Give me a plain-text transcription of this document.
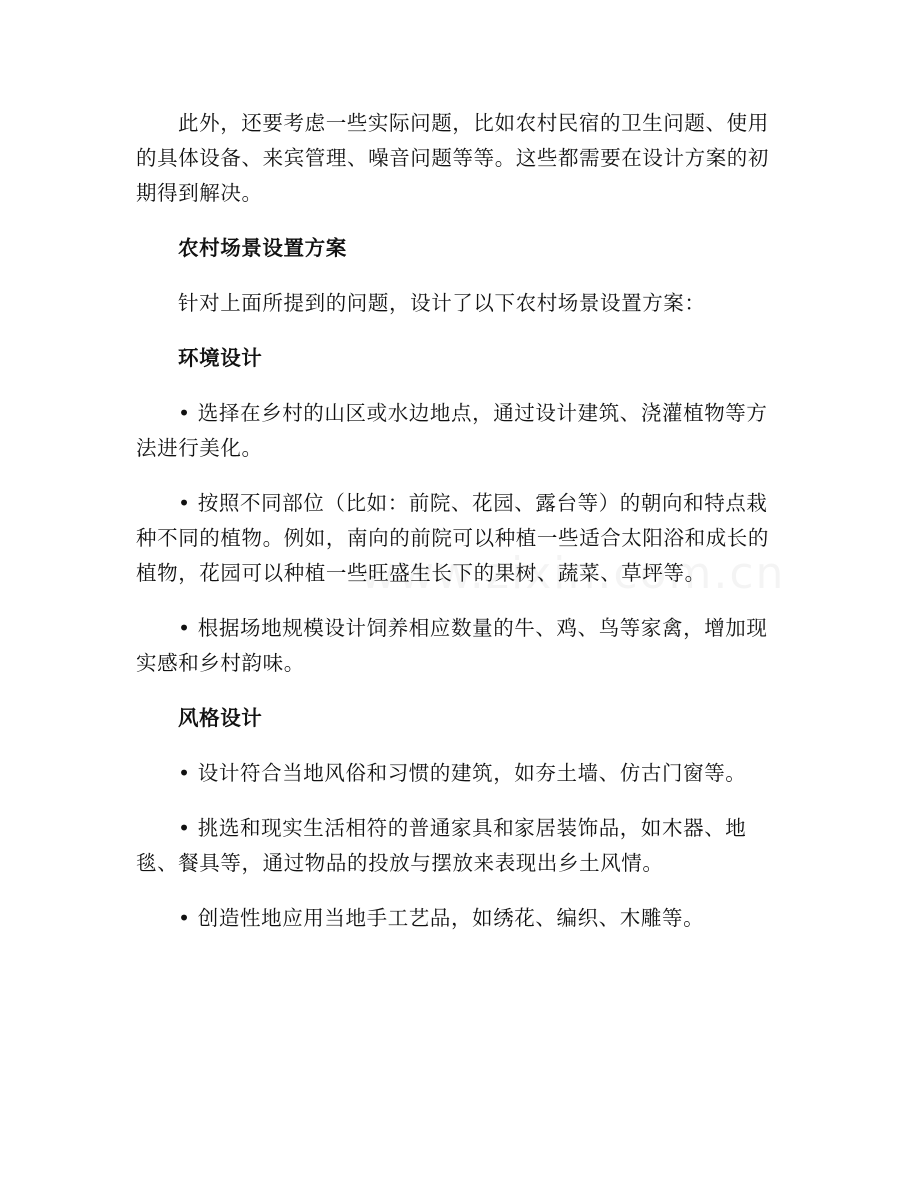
此外，还要考虑一些实际问题，比如农村民宿的卫生问题、使用的具体设备、来宾管理、噪音问题等等。这些都需要在设计方案的初期得到解决。

农村场景设置方案

针对上面所提到的问题，设计了以下农村场景设置方案：

环境设计

• 选择在乡村的山区或水边地点，通过设计建筑、浇灌植物等方法进行美化。

• 按照不同部位（比如：前院、花园、露台等）的朝向和特点栽种不同的植物。例如，南向的前院可以种植一些适合太阳浴和成长的植物，花园可以种植一些旺盛生长下的果树、蔬菜、草坪等。

• 根据场地规模设计饲养相应数量的牛、鸡、鸟等家禽，增加现实感和乡村韵味。

风格设计

• 设计符合当地风俗和习惯的建筑，如夯土墙、仿古门窗等。

• 挑选和现实生活相符的普通家具和家居装饰品，如木器、地毯、餐具等，通过物品的投放与摆放来表现出乡土风情。

• 创造性地应用当地手工艺品，如绣花、编织、木雕等。
